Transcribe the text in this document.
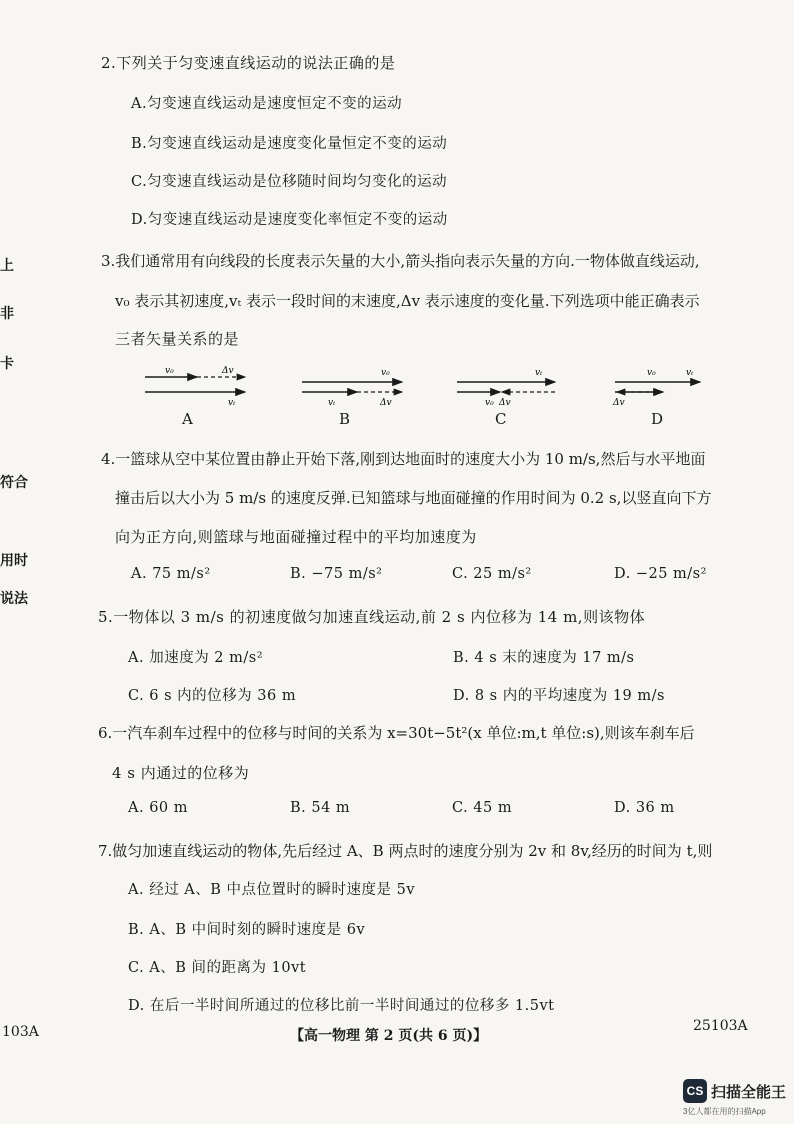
上
非
卡
符合
用时
说法
2.下列关于匀变速直线运动的说法正确的是
A.匀变速直线运动是速度恒定不变的运动
B.匀变速直线运动是速度变化量恒定不变的运动
C.匀变速直线运动是位移随时间均匀变化的运动
D.匀变速直线运动是速度变化率恒定不变的运动
3.我们通常用有向线段的长度表示矢量的大小,箭头指向表示矢量的方向.一物体做直线运动,
v₀ 表示其初速度,vₜ 表示一段时间的末速度,Δv 表示速度的变化量.下列选项中能正确表示
三者矢量关系的是
v₀	Δv
vₜ
v₀
vₜ	Δv
vₜ
v₀ Δv
v₀	vₜ
Δv
A	B	C	D
4.一篮球从空中某位置由静止开始下落,刚到达地面时的速度大小为 10 m/s,然后与水平地面
撞击后以大小为 5 m/s 的速度反弹.已知篮球与地面碰撞的作用时间为 0.2 s,以竖直向下方
向为正方向,则篮球与地面碰撞过程中的平均加速度为
A. 75 m/s²	B. −75 m/s²	C. 25 m/s²	D. −25 m/s²
5.一物体以 3 m/s 的初速度做匀加速直线运动,前 2 s 内位移为 14 m,则该物体
A. 加速度为 2 m/s²	B. 4 s 末的速度为 17 m/s
C. 6 s 内的位移为 36 m	D. 8 s 内的平均速度为 19 m/s
6.一汽车刹车过程中的位移与时间的关系为 x=30t−5t²(x 单位:m,t 单位:s),则该车刹车后
4 s 内通过的位移为
A. 60 m	B. 54 m	C. 45 m	D. 36 m
7.做匀加速直线运动的物体,先后经过 A、B 两点时的速度分别为 2v 和 8v,经历的时间为 t,则
A. 经过 A、B 中点位置时的瞬时速度是 5v
B. A、B 中间时刻的瞬时速度是 6v
C. A、B 间的距离为 10vt
D. 在后一半时间所通过的位移比前一半时间通过的位移多 1.5vt
103A	【高一物理 第 2 页(共 6 页)】
25103A
CS 扫描全能王
3亿人都在用的扫描App
